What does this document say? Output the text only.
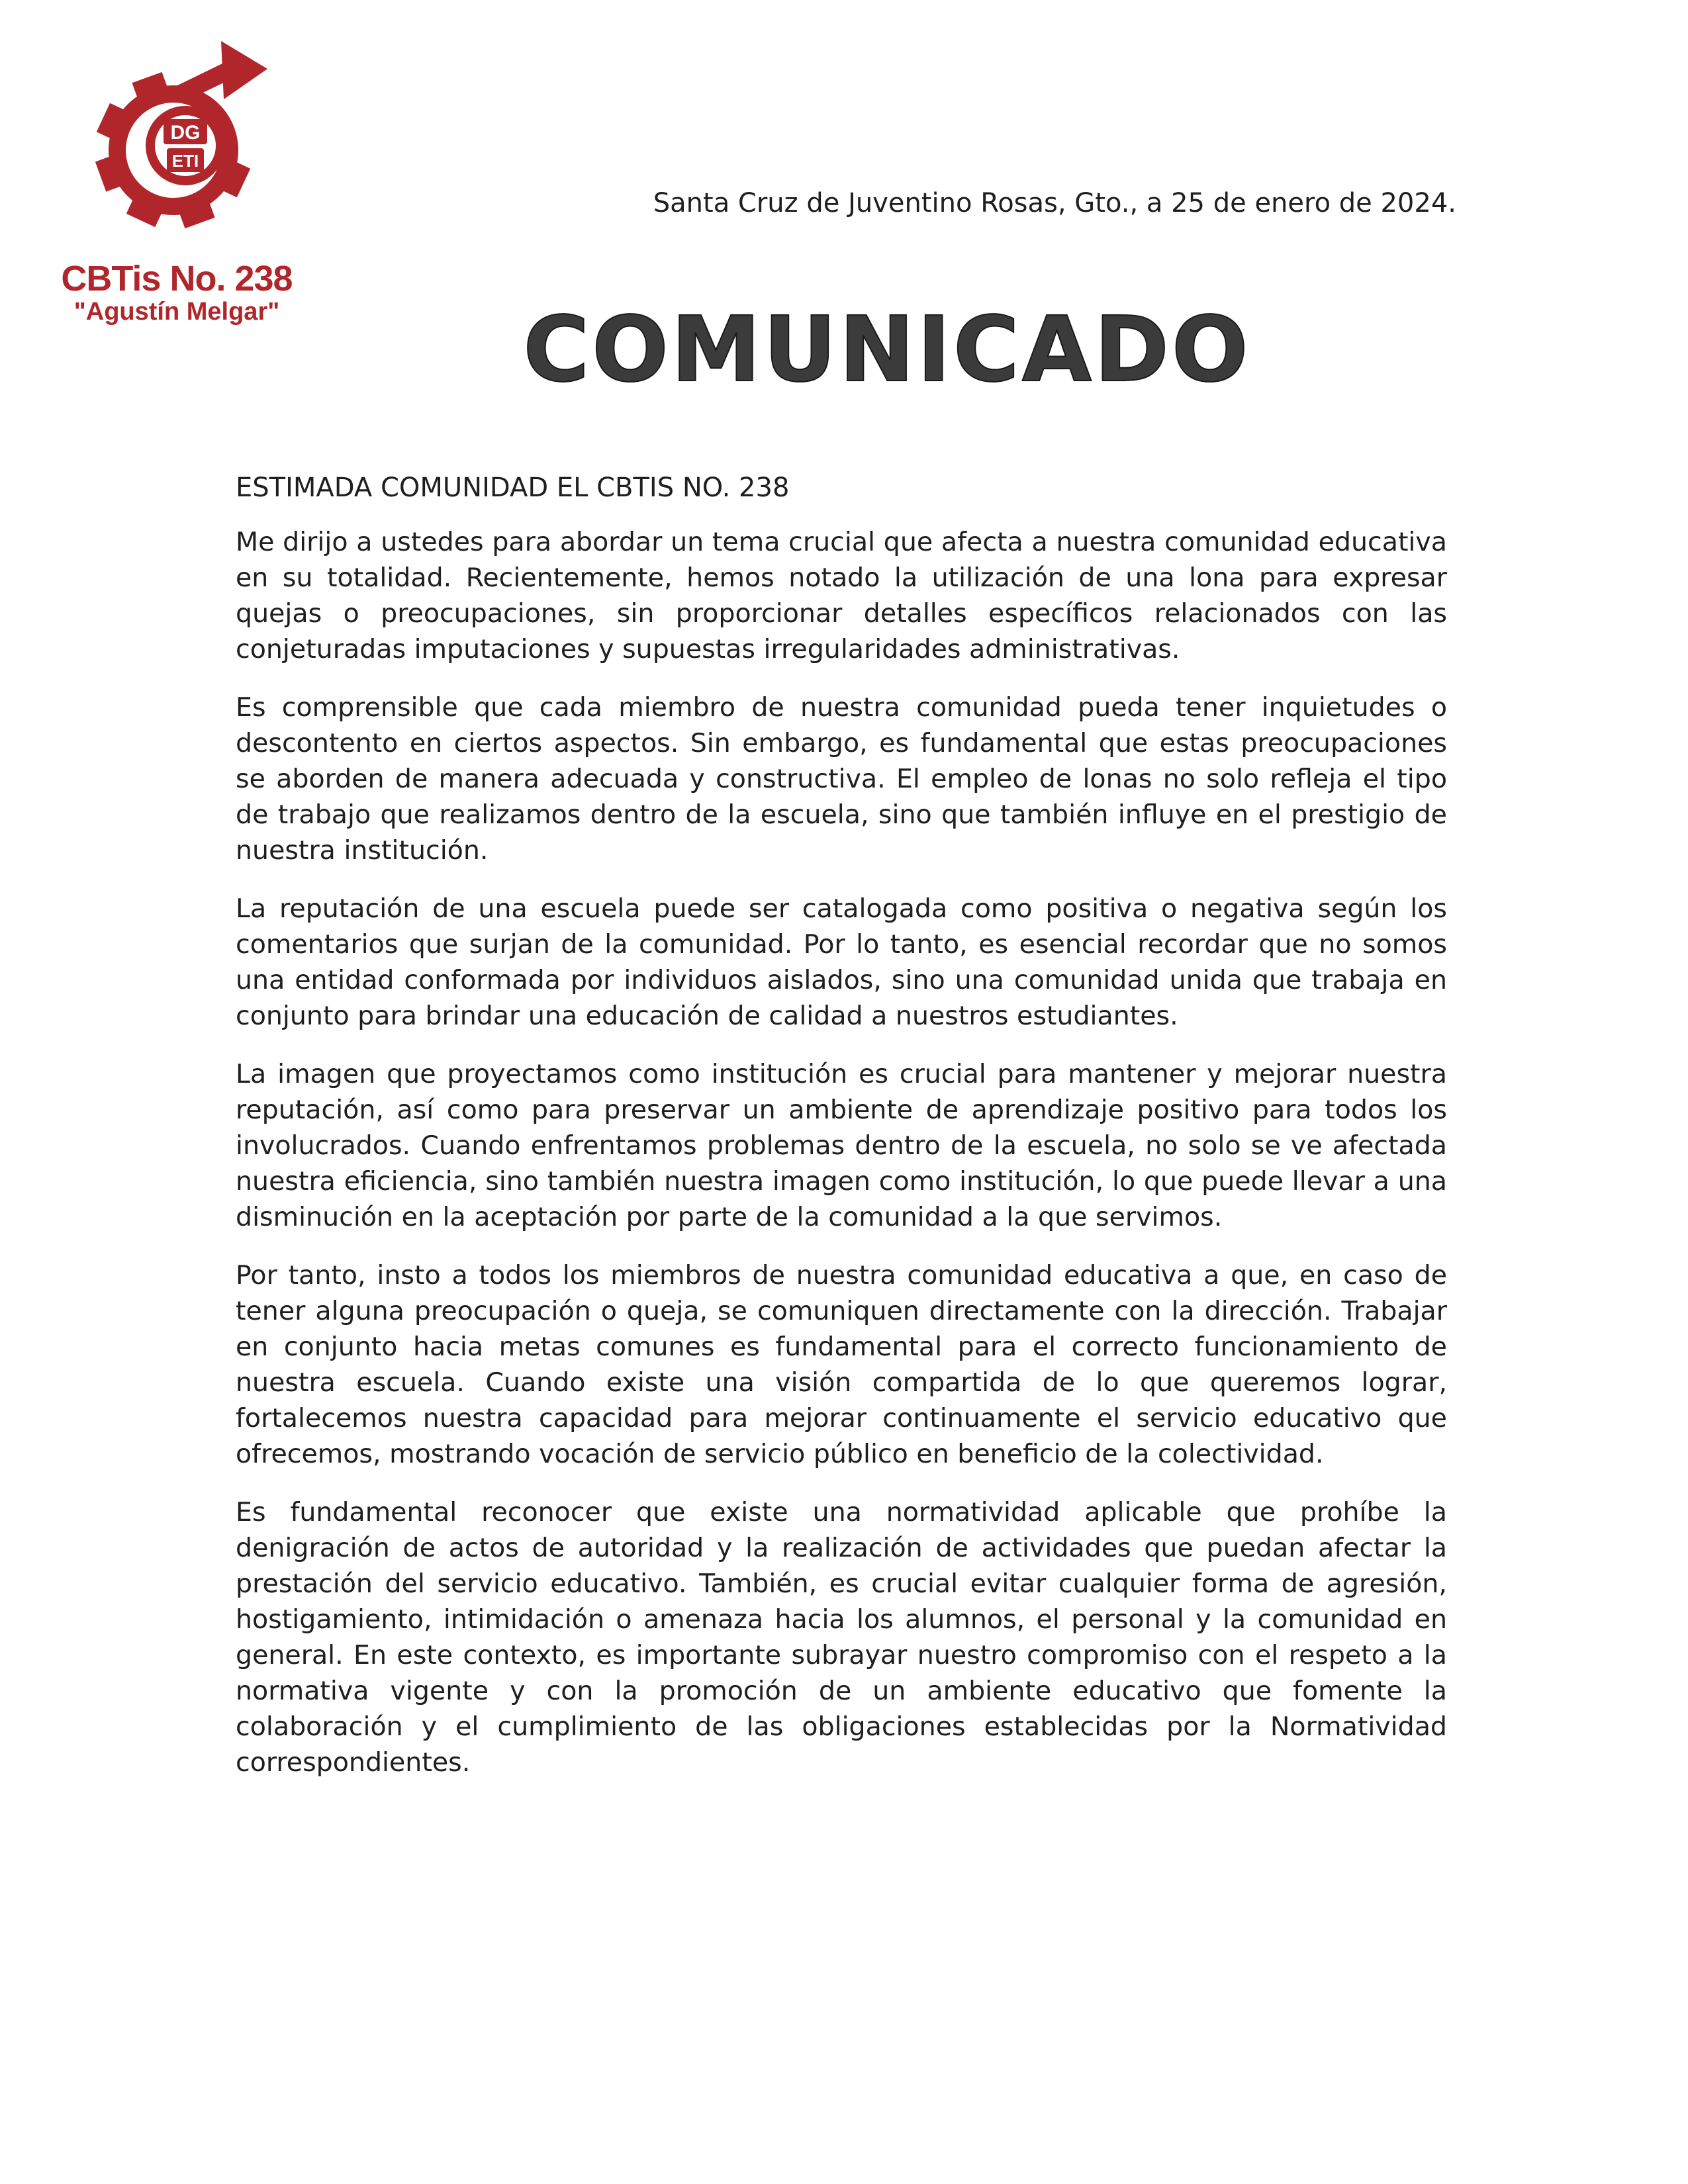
DG
ETI
CBTis No. 238
"Agustín Melgar"
Santa Cruz de Juventino Rosas, Gto., a 25 de enero de 2024.
COMUNICADO
ESTIMADA COMUNIDAD EL CBTIS NO. 238

Me dirijo a ustedes para abordar un tema crucial que afecta a nuestra comunidad educativa en su totalidad. Recientemente, hemos notado la utilización de una lona para expresar quejas o preocupaciones, sin proporcionar detalles específicos relacionados con las conjeturadas imputaciones y supuestas irregularidades administrativas.

Es comprensible que cada miembro de nuestra comunidad pueda tener inquietudes o descontento en ciertos aspectos. Sin embargo, es fundamental que estas preocupaciones se aborden de manera adecuada y constructiva. El empleo de lonas no solo refleja el tipo de trabajo que realizamos dentro de la escuela, sino que también influye en el prestigio de nuestra institución.

La reputación de una escuela puede ser catalogada como positiva o negativa según los comentarios que surjan de la comunidad. Por lo tanto, es esencial recordar que no somos una entidad conformada por individuos aislados, sino una comunidad unida que trabaja en conjunto para brindar una educación de calidad a nuestros estudiantes.

La imagen que proyectamos como institución es crucial para mantener y mejorar nuestra reputación, así como para preservar un ambiente de aprendizaje positivo para todos los involucrados. Cuando enfrentamos problemas dentro de la escuela, no solo se ve afectada nuestra eficiencia, sino también nuestra imagen como institución, lo que puede llevar a una disminución en la aceptación por parte de la comunidad a la que servimos.

Por tanto, insto a todos los miembros de nuestra comunidad educativa a que, en caso de tener alguna preocupación o queja, se comuniquen directamente con la dirección. Trabajar en conjunto hacia metas comunes es fundamental para el correcto funcionamiento de nuestra escuela. Cuando existe una visión compartida de lo que queremos lograr, fortalecemos nuestra capacidad para mejorar continuamente el servicio educativo que ofrecemos, mostrando vocación de servicio público en beneficio de la colectividad.

Es fundamental reconocer que existe una normatividad aplicable que prohíbe la denigración de actos de autoridad y la realización de actividades que puedan afectar la prestación del servicio educativo. También, es crucial evitar cualquier forma de agresión, hostigamiento, intimidación o amenaza hacia los alumnos, el personal y la comunidad en general. En este contexto, es importante subrayar nuestro compromiso con el respeto a la normativa vigente y con la promoción de un ambiente educativo que fomente la colaboración y el cumplimiento de las obligaciones establecidas por la Normatividad correspondientes.
